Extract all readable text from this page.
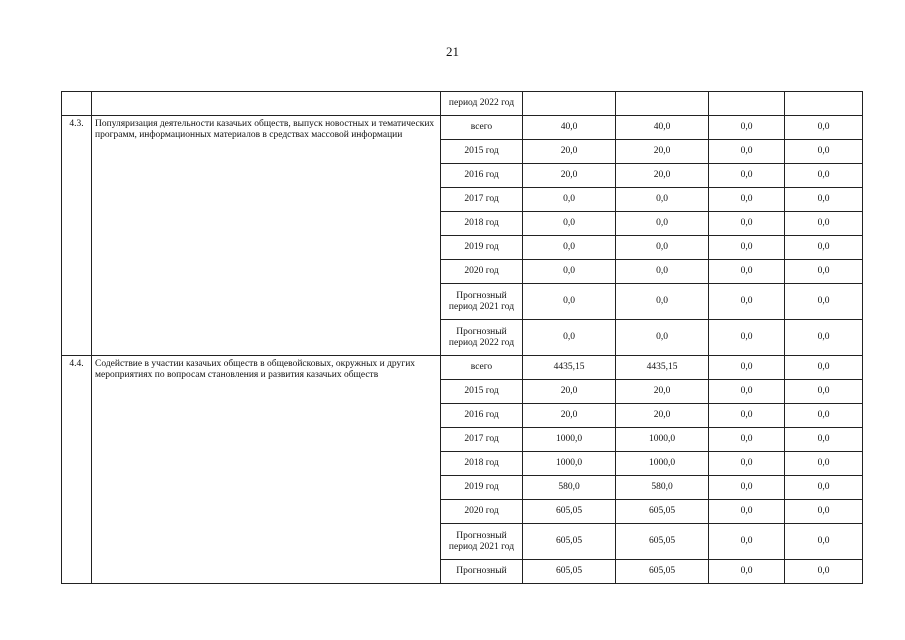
21
		период 2022 год				
4.3.	Популяризация деятельности казачьих обществ, выпуск новостных и тематических программ, информационных материалов в средствах массовой информации	всего	40,0	40,0	0,0	0,0
		2015 год	20,0	20,0	0,0	0,0
		2016 год	20,0	20,0	0,0	0,0
		2017 год	0,0	0,0	0,0	0,0
		2018 год	0,0	0,0	0,0	0,0
		2019 год	0,0	0,0	0,0	0,0
		2020 год	0,0	0,0	0,0	0,0
		Прогнозный период 2021 год	0,0	0,0	0,0	0,0
		Прогнозный период 2022 год	0,0	0,0	0,0	0,0
4.4.	Содействие в участии казачьих обществ в общевойсковых, окружных и других мероприятиях по вопросам становления и развития казачьих обществ	всего	4435,15	4435,15	0,0	0,0
		2015 год	20,0	20,0	0,0	0,0
		2016 год	20,0	20,0	0,0	0,0
		2017 год	1000,0	1000,0	0,0	0,0
		2018 год	1000,0	1000,0	0,0	0,0
		2019 год	580,0	580,0	0,0	0,0
		2020 год	605,05	605,05	0,0	0,0
		Прогнозный период 2021 год	605,05	605,05	0,0	0,0
		Прогнозный	605,05	605,05	0,0	0,0
